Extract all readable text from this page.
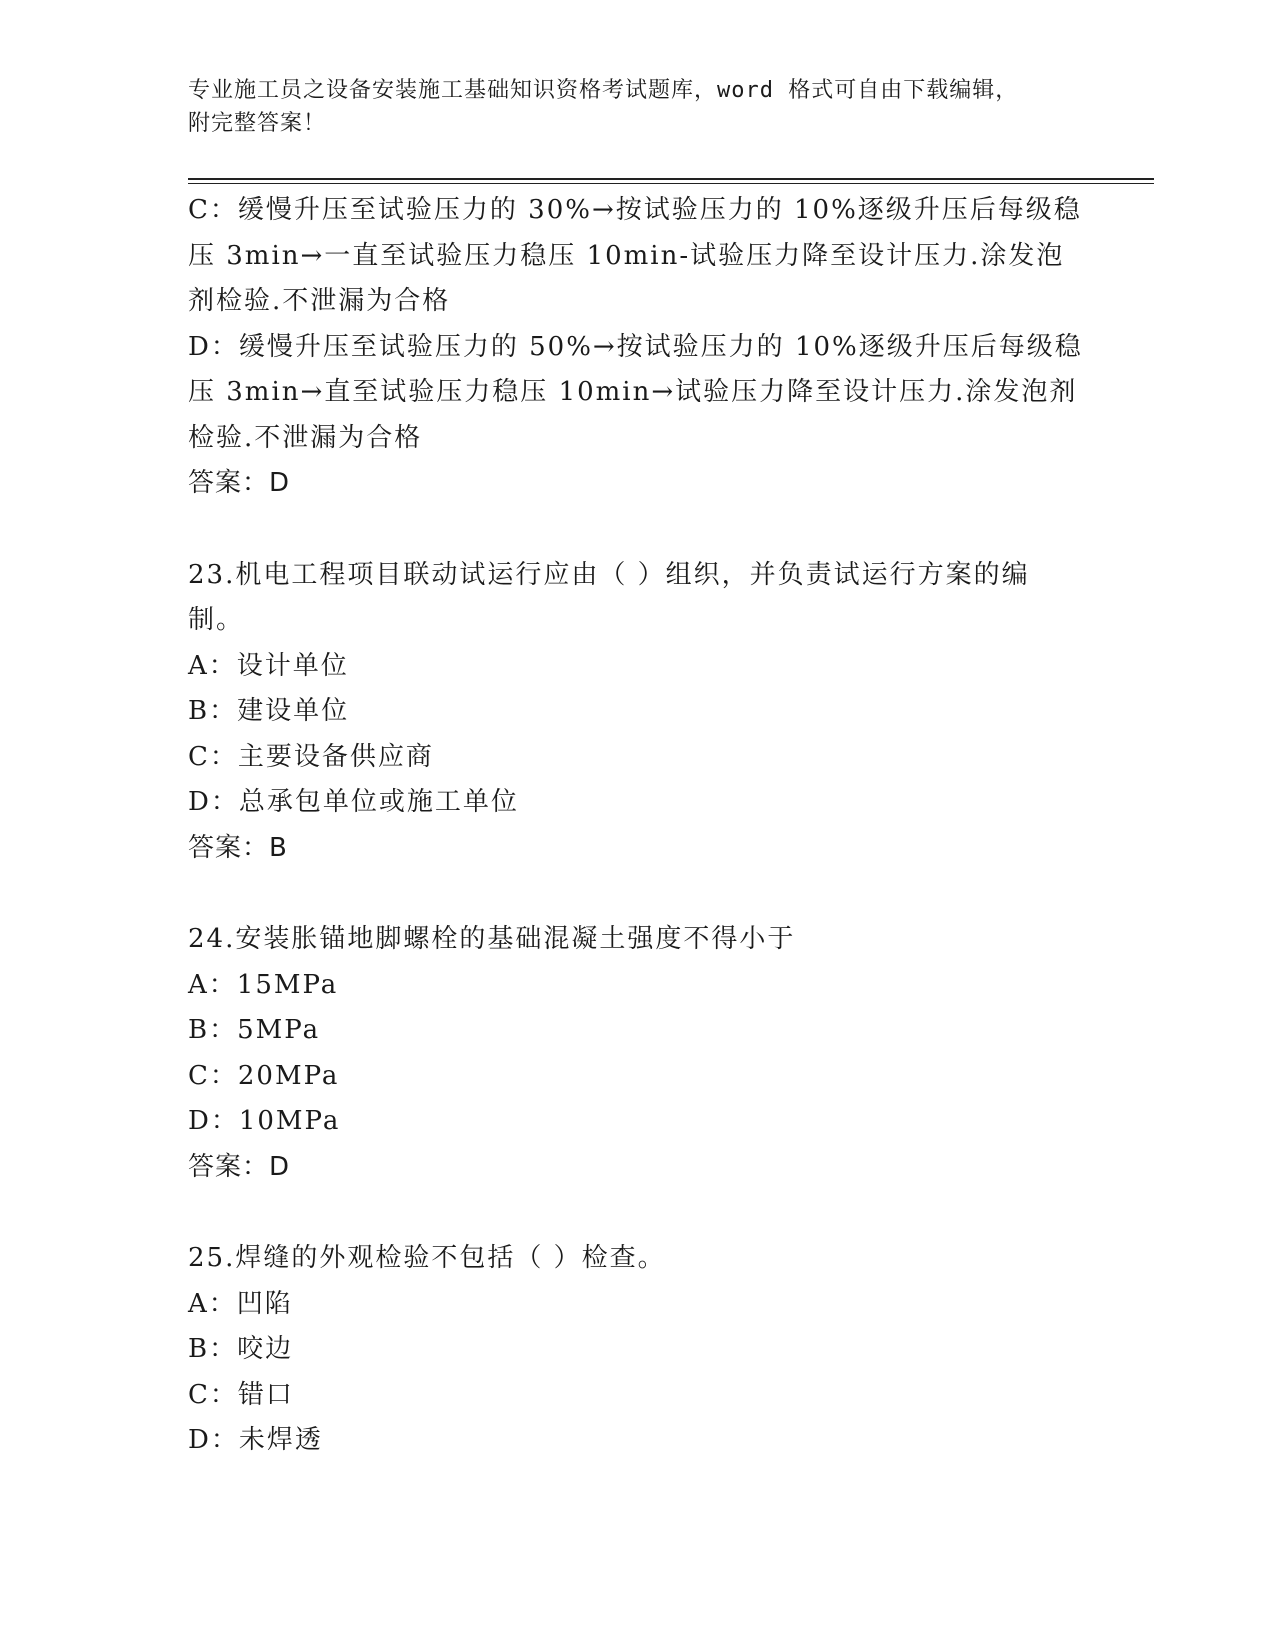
专业施工员之设备安装施工基础知识资格考试题库，word 格式可自由下载编辑，
附完整答案！
C：缓慢升压至试验压力的 30%→按试验压力的 10%逐级升压后每级稳
压 3min→一直至试验压力稳压 10min-试验压力降至设计压力.涂发泡
剂检验.不泄漏为合格
D：缓慢升压至试验压力的 50%→按试验压力的 10%逐级升压后每级稳
压 3min→直至试验压力稳压 10min→试验压力降至设计压力.涂发泡剂
检验.不泄漏为合格
答案：D
23.机电工程项目联动试运行应由（ ）组织，并负责试运行方案的编
制。
A：设计单位
B：建设单位
C：主要设备供应商
D：总承包单位或施工单位
答案：B
24.安装胀锚地脚螺栓的基础混凝土强度不得小于
A：15MPa
B：5MPa
C：20MPa
D：10MPa
答案：D
25.焊缝的外观检验不包括（ ）检查。
A：凹陷
B：咬边
C：错口
D：未焊透
